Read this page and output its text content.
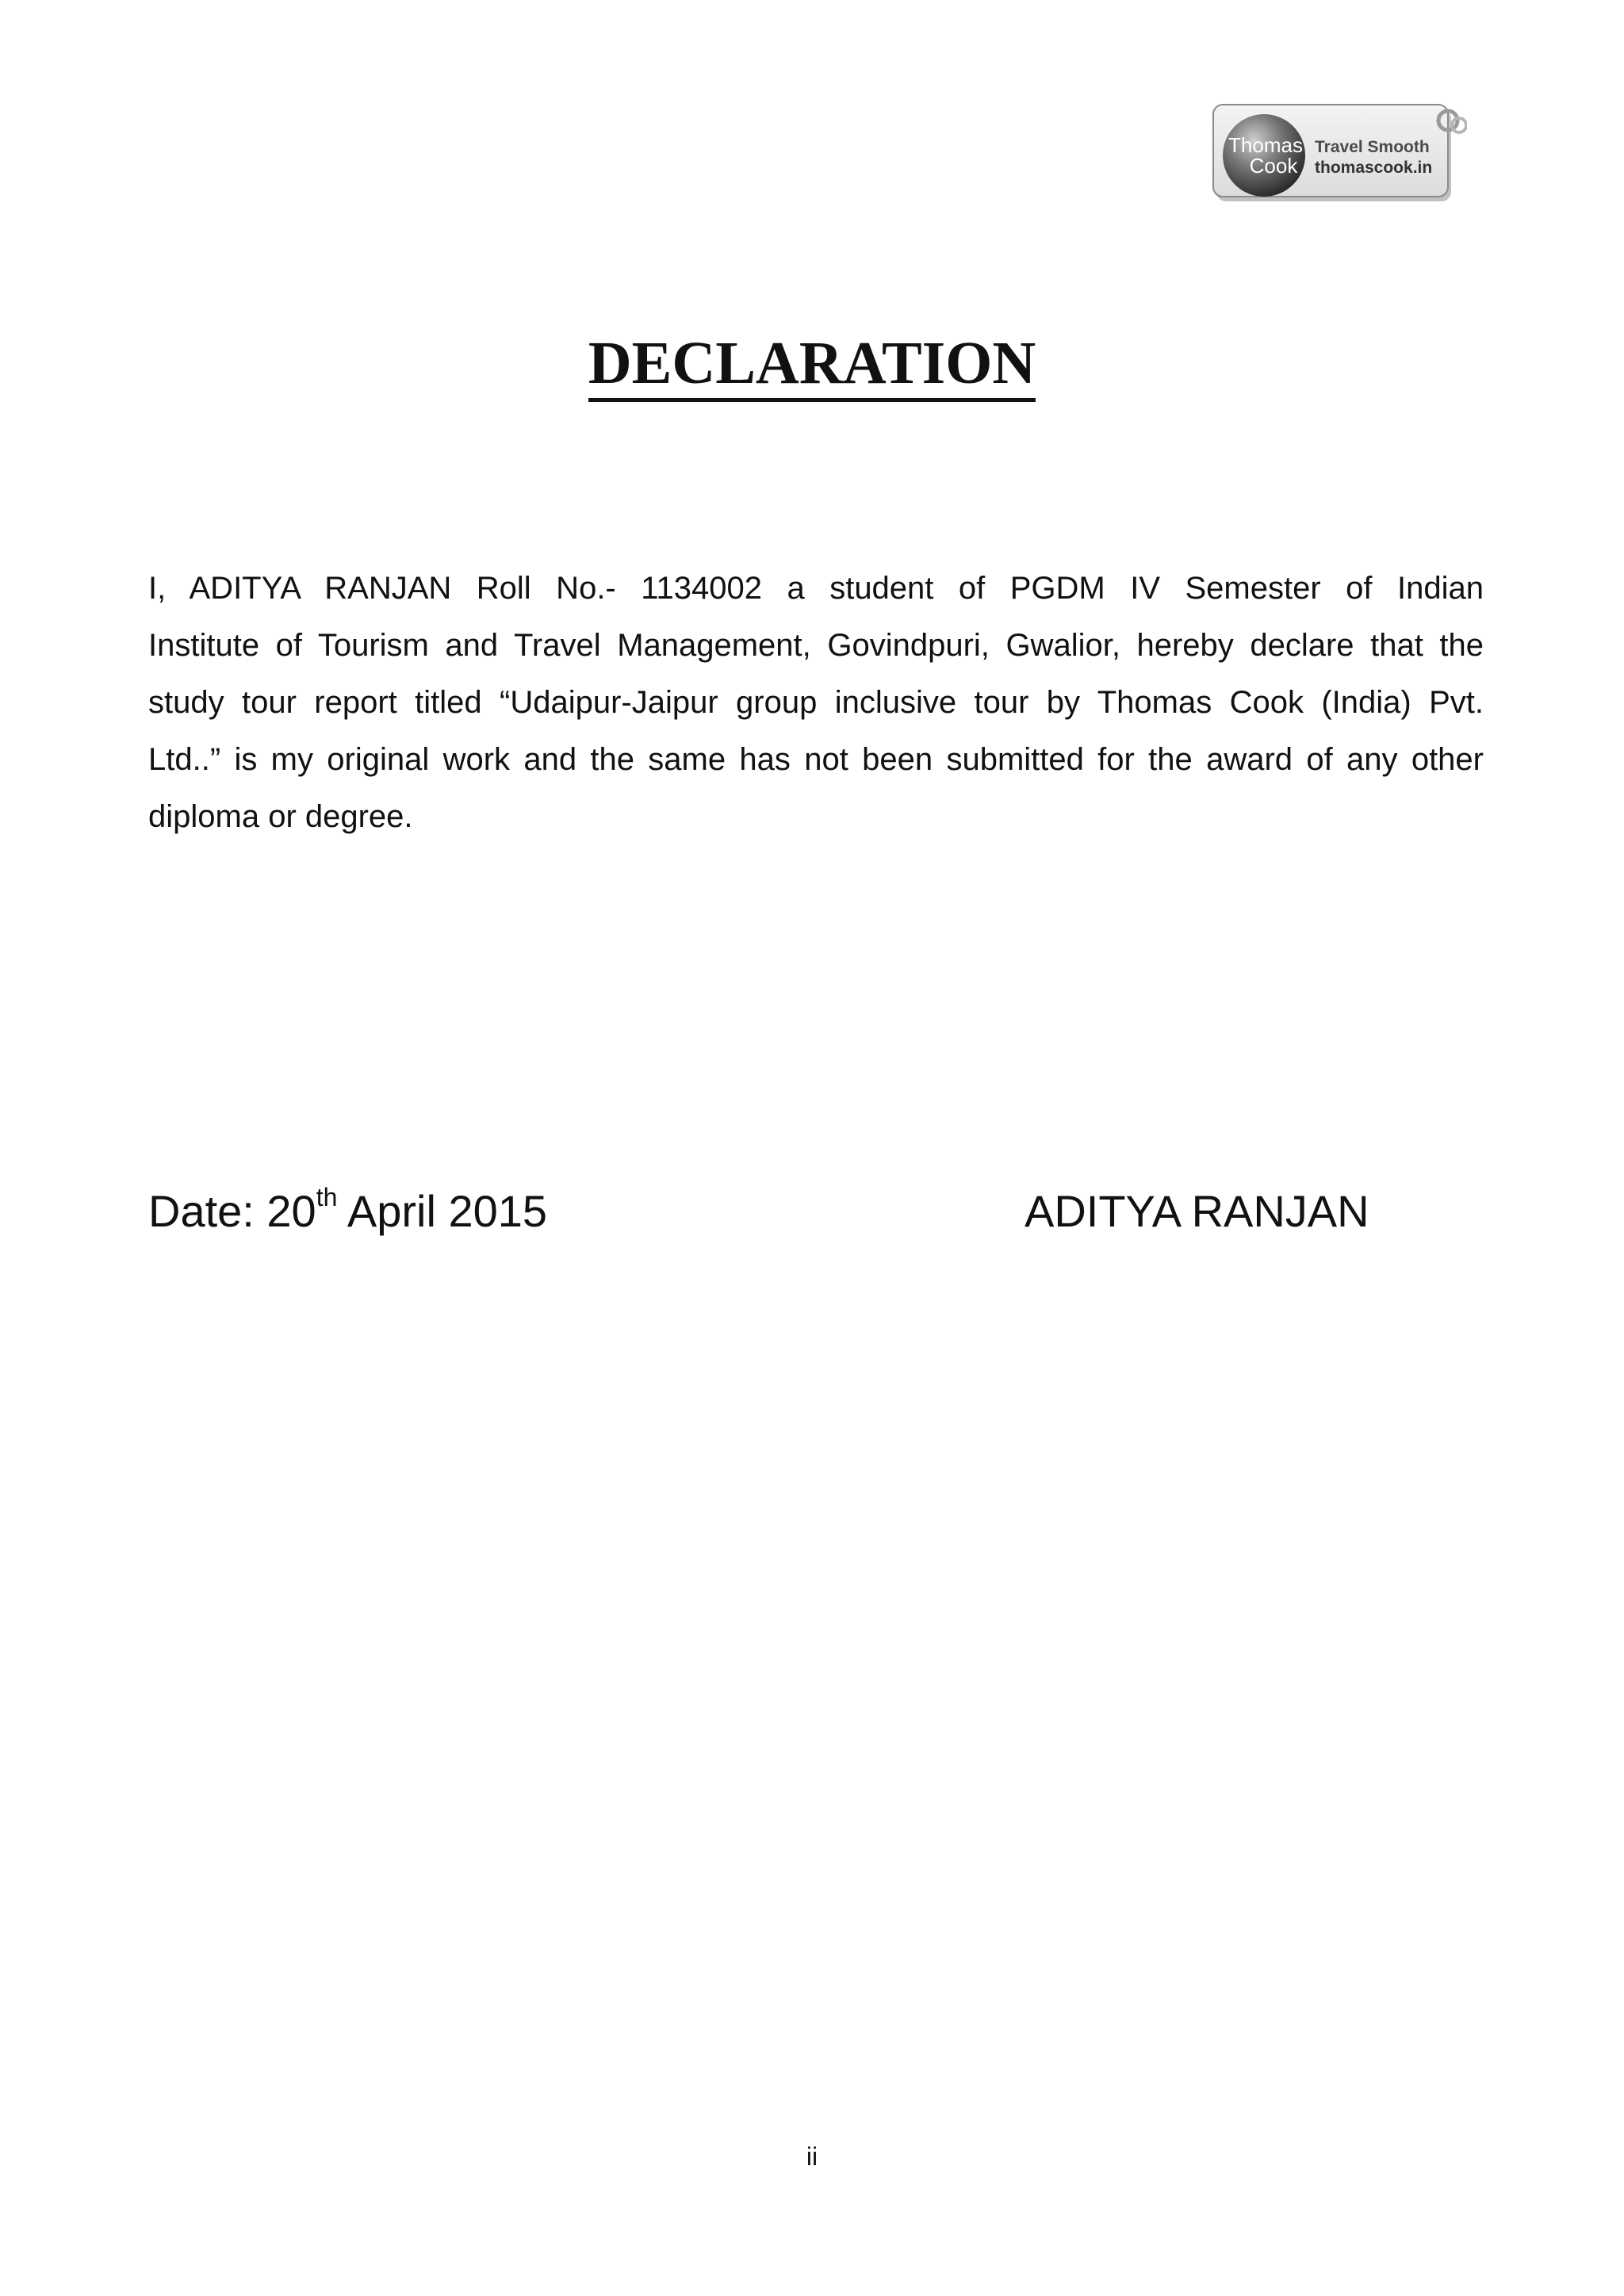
Thomas
Cook
Travel Smooth
thomascook.in
DECLARATION
I, ADITYA RANJAN Roll No.- 1134002 a student of PGDM IV Semester of Indian
Institute of Tourism and Travel Management, Govindpuri, Gwalior, hereby declare that the
study tour report titled “Udaipur-Jaipur group inclusive tour by Thomas Cook (India) Pvt.
Ltd..” is my original work and the same has not been submitted for the award of any other
diploma or degree.
Date: 20th April 2015	ADITYA RANJAN
ii
